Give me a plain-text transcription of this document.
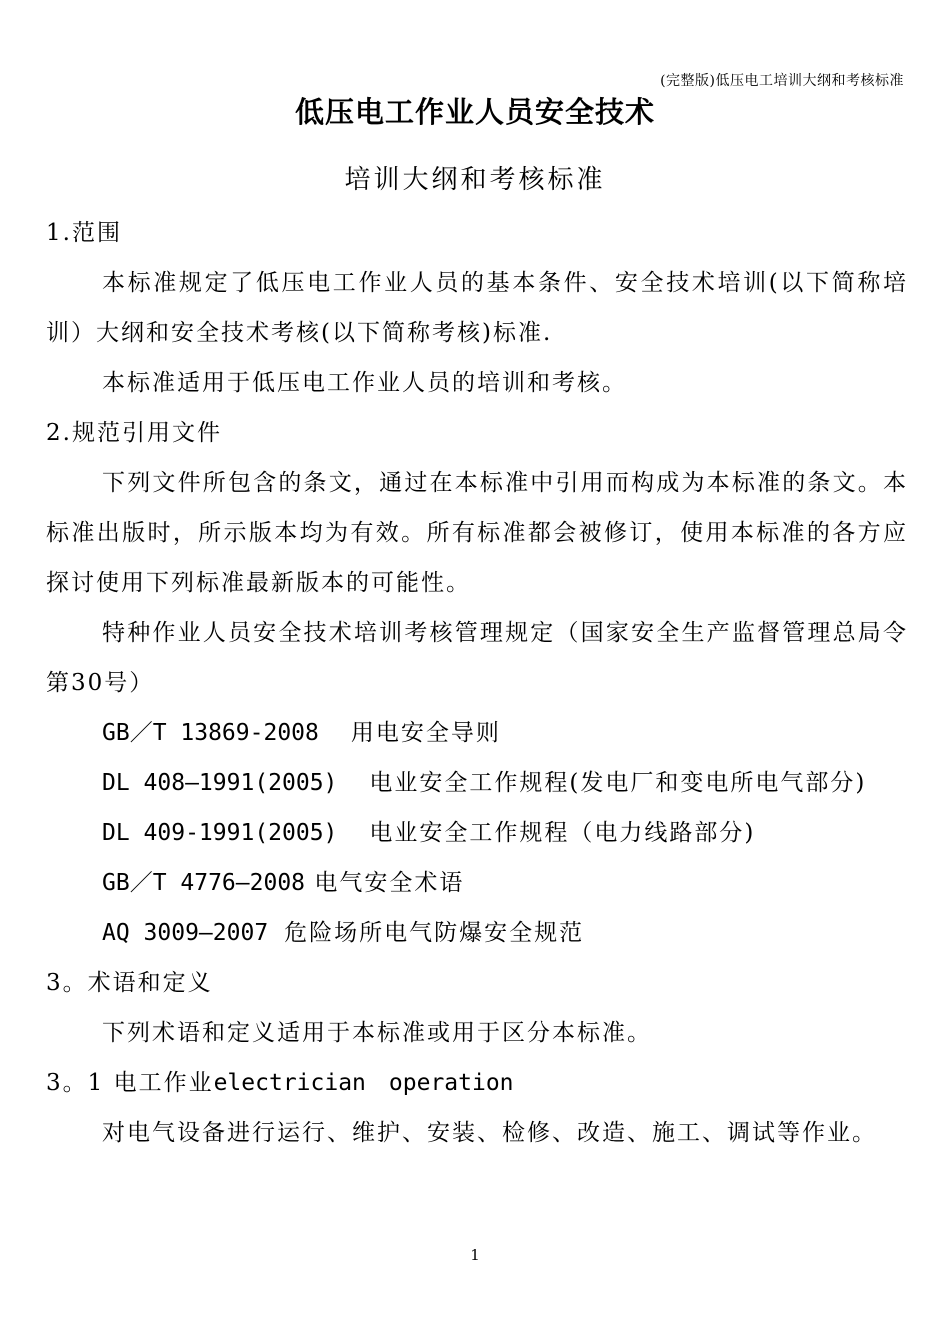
(完整版)低压电工培训大纲和考核标准
低压电工作业人员安全技术
培训大纲和考核标准

1.范围

本标准规定了低压电工作业人员的基本条件、安全技术培训(以下简称培训）大纲和安全技术考核(以下简称考核)标准.

本标准适用于低压电工作业人员的培训和考核。

2.规范引用文件

下列文件所包含的条文，通过在本标准中引用而构成为本标准的条文。本标准出版时，所示版本均为有效。所有标准都会被修订，使用本标准的各方应探讨使用下列标准最新版本的可能性。

特种作业人员安全技术培训考核管理规定（国家安全生产监督管理总局令第30号）

GB／T 13869-2008 用电安全导则

DL 408—1991(2005) 电业安全工作规程(发电厂和变电所电气部分)

DL 409-1991(2005) 电业安全工作规程（电力线路部分)

GB／T 4776—2008 电气安全术语

AQ 3009—2007 危险场所电气防爆安全规范

3。术语和定义

下列术语和定义适用于本标准或用于区分本标准。

3。1 电工作业electrician　operation

对电气设备进行运行、维护、安装、检修、改造、施工、调试等作业。

1
